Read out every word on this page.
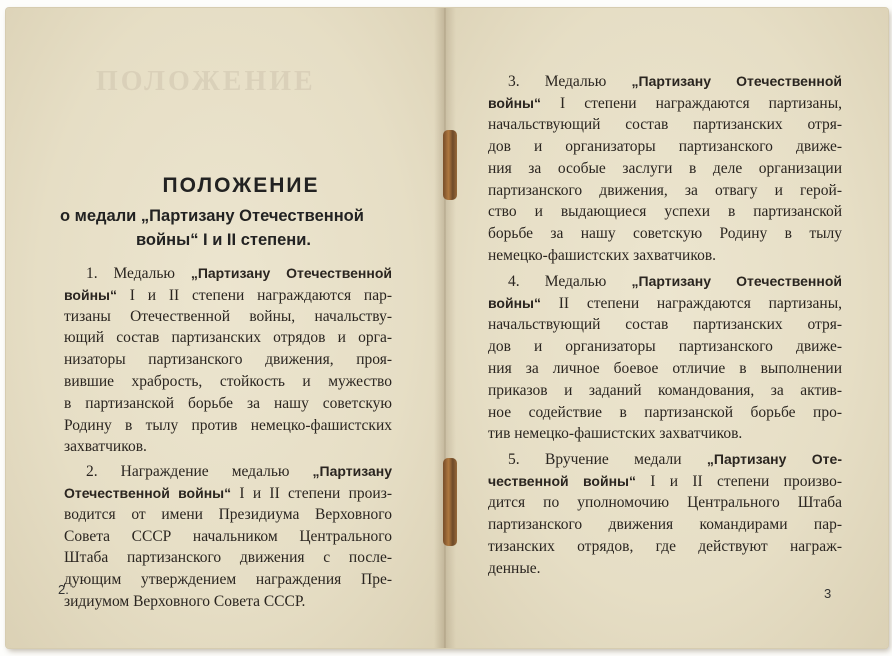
ПОЛОЖЕНИЕ
ПОЛОЖЕНИЕ
о медали „Партизану Отечественной
войны“ I и II степени.
1. Медалью „Партизану Отечественной
войны“ I и II степени награждаются пар-
тизаны Отечественной войны, начальству-
ющий состав партизанских отрядов и орга-
низаторы партизанского движения, проя-
вившие храбрость, стойкость и мужество
в партизанской борьбе за нашу советскую
Родину в тылу против немецко-фашистских
захватчиков.
2. Награждение медалью „Партизану
Отечественной войны“ I и II степени произ-
водится от имени Президиума Верховного
Совета СССР начальником Центрального
Штаба партизанского движения с после-
дующим утверждением награждения Пре-
зидиумом Верховного Совета СССР.
2.
3. Медалью „Партизану Отечественной
войны“ I степени награждаются партизаны,
начальствующий состав партизанских отря-
дов и организаторы партизанского движе-
ния за особые заслуги в деле организации
партизанского движения, за отвагу и герой-
ство и выдающиеся успехи в партизанской
борьбе за нашу советскую Родину в тылу
немецко-фашистских захватчиков.
4. Медалью „Партизану Отечественной
войны“ II степени награждаются партизаны,
начальствующий состав партизанских отря-
дов и организаторы партизанского движе-
ния за личное боевое отличие в выполнении
приказов и заданий командования, за актив-
ное содействие в партизанской борьбе про-
тив немецко-фашистских захватчиков.
5. Вручение медали „Партизану Оте-
чественной войны“ I и II степени произво-
дится по уполномочию Центрального Штаба
партизанского движения командирами пар-
тизанских отрядов, где действуют награж-
денные.
3
